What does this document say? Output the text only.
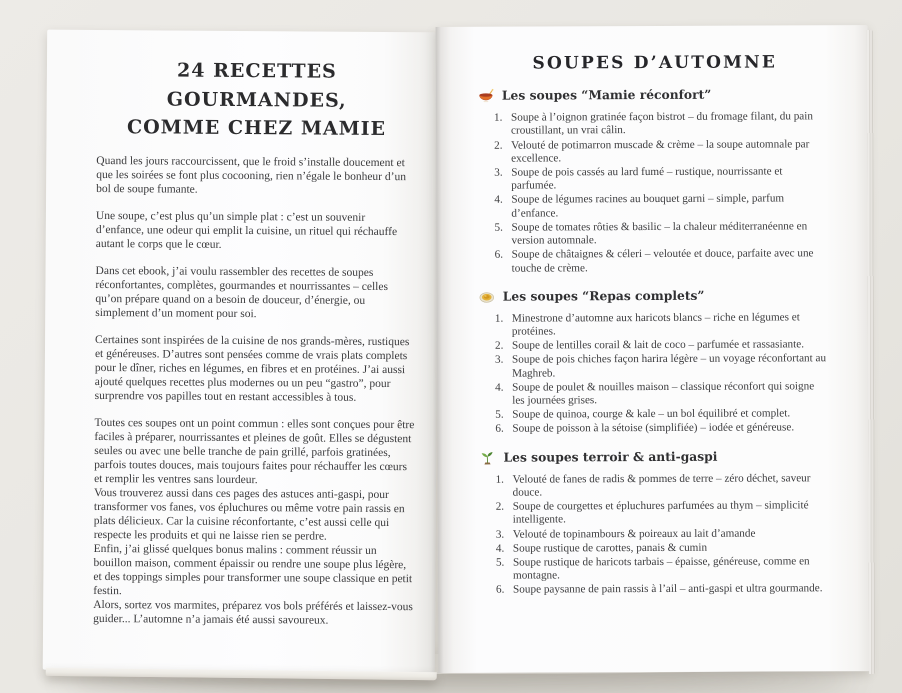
24 RECETTES GOURMANDES,
COMME CHEZ MAMIE

Quand les jours raccourcissent, que le froid s’installe doucement et que les soirées se font plus cocooning, rien n’égale le bonheur d’un bol de soupe fumante.

Une soupe, c’est plus qu’un simple plat : c’est un souvenir d’enfance, une odeur qui emplit la cuisine, un rituel qui réchauffe autant le corps que le cœur.

Dans cet ebook, j’ai voulu rassembler des recettes de soupes réconfortantes, complètes, gourmandes et nourrissantes – celles qu’on prépare quand on a besoin de douceur, d’énergie, ou simplement d’un moment pour soi.

Certaines sont inspirées de la cuisine de nos grands-mères, rustiques et généreuses. D’autres sont pensées comme de vrais plats complets pour le dîner, riches en légumes, en fibres et en protéines. J’ai aussi ajouté quelques recettes plus modernes ou un peu “gastro”, pour surprendre vos papilles tout en restant accessibles à tous.

Toutes ces soupes ont un point commun : elles sont conçues pour être faciles à préparer, nourrissantes et pleines de goût. Elles se dégustent seules ou avec une belle tranche de pain grillé, parfois gratinées, parfois toutes douces, mais toujours faites pour réchauffer les cœurs et remplir les ventres sans lourdeur.

Vous trouverez aussi dans ces pages des astuces anti-gaspi, pour transformer vos fanes, vos épluchures ou même votre pain rassis en plats délicieux. Car la cuisine réconfortante, c’est aussi celle qui respecte les produits et qui ne laisse rien se perdre.

Enfin, j’ai glissé quelques bonus malins : comment réussir un bouillon maison, comment épaissir ou rendre une soupe plus légère, et des toppings simples pour transformer une soupe classique en petit festin.

Alors, sortez vos marmites, préparez vos bols préférés et laissez-vous guider... L’automne n’a jamais été aussi savoureux.

SOUPES D’AUTOMNE
Les soupes “Mamie réconfort”
Soupe à l’oignon gratinée façon bistrot – du fromage filant, du pain croustillant, un vrai câlin.
Velouté de potimarron muscade & crème – la soupe automnale par excellence.
Soupe de pois cassés au lard fumé – rustique, nourrissante et parfumée.
Soupe de légumes racines au bouquet garni – simple, parfum d’enfance.
Soupe de tomates rôties & basilic – la chaleur méditerranéenne en version automnale.
Soupe de châtaignes & céleri – veloutée et douce, parfaite avec une touche de crème.
Les soupes “Repas complets”
Minestrone d’automne aux haricots blancs – riche en légumes et protéines.
Soupe de lentilles corail & lait de coco – parfumée et rassasiante.
Soupe de pois chiches façon harira légère – un voyage réconfortant au Maghreb.
Soupe de poulet & nouilles maison – classique réconfort qui soigne les journées grises.
Soupe de quinoa, courge & kale – un bol équilibré et complet.
Soupe de poisson à la sétoise (simplifiée) – iodée et généreuse.
Les soupes terroir & anti-gaspi
Velouté de fanes de radis & pommes de terre – zéro déchet, saveur douce.
Soupe de courgettes et épluchures parfumées au thym – simplicité intelligente.
Velouté de topinambours & poireaux au lait d’amande
Soupe rustique de carottes, panais & cumin
Soupe rustique de haricots tarbais – épaisse, généreuse, comme en montagne.
Soupe paysanne de pain rassis à l’ail – anti-gaspi et ultra gourmande.
